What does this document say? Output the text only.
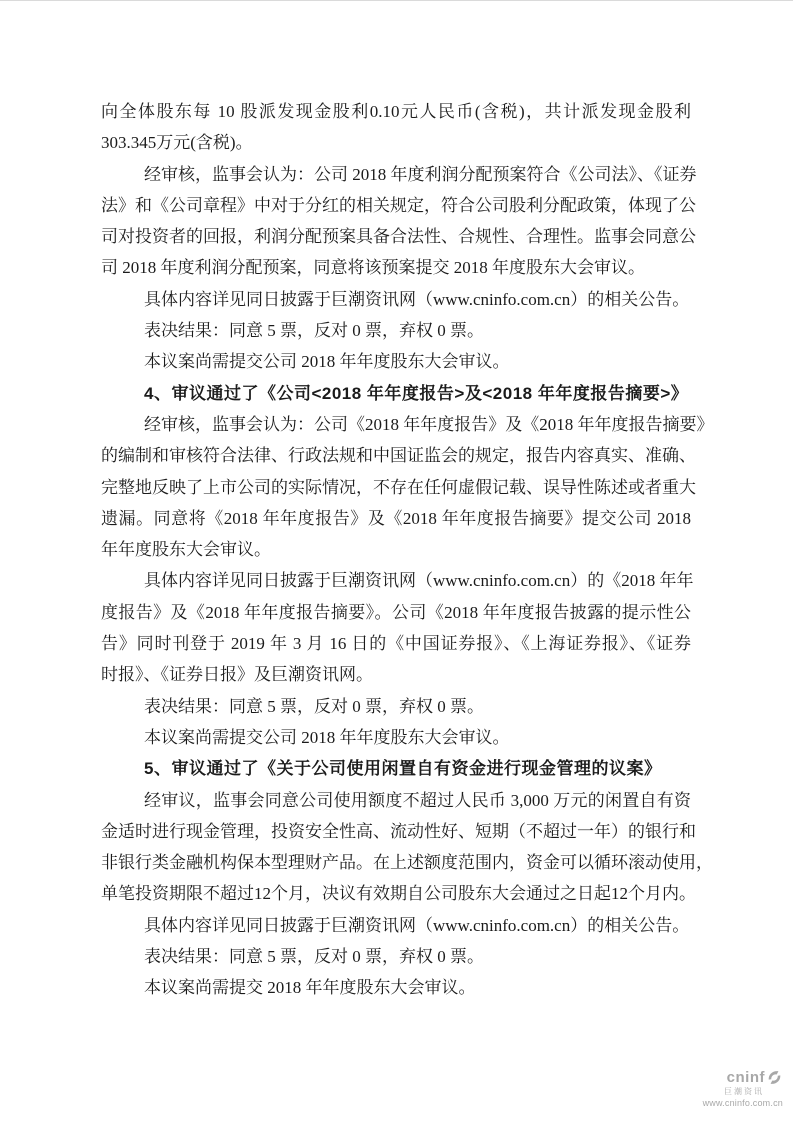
向全体股东每 10 股派发现金股利0.10元人民币(含税)，共计派发现金股利
303.345万元(含税)。
经审核，监事会认为：公司 2018 年度利润分配预案符合《公司法》、《证券
法》和《公司章程》中对于分红的相关规定，符合公司股利分配政策，体现了公
司对投资者的回报，利润分配预案具备合法性、合规性、合理性。监事会同意公
司 2018 年度利润分配预案，同意将该预案提交 2018 年度股东大会审议。
具体内容详见同日披露于巨潮资讯网（www.cninfo.com.cn）的相关公告。
表决结果：同意 5 票，反对 0 票，弃权 0 票。
本议案尚需提交公司 2018 年年度股东大会审议。
4、审议通过了《公司<2018 年年度报告>及<2018 年年度报告摘要>》
经审核，监事会认为：公司《2018 年年度报告》及《2018 年年度报告摘要》
的编制和审核符合法律、行政法规和中国证监会的规定，报告内容真实、准确、
完整地反映了上市公司的实际情况，不存在任何虚假记载、误导性陈述或者重大
遗漏。同意将《2018 年年度报告》及《2018 年年度报告摘要》提交公司 2018
年年度股东大会审议。
具体内容详见同日披露于巨潮资讯网（www.cninfo.com.cn）的《2018 年年
度报告》及《2018 年年度报告摘要》。公司《2018 年年度报告披露的提示性公
告》同时刊登于 2019 年 3 月 16 日的《中国证券报》、《上海证券报》、《证券
时报》、《证券日报》及巨潮资讯网。
表决结果：同意 5 票，反对 0 票，弃权 0 票。
本议案尚需提交公司 2018 年年度股东大会审议。
5、审议通过了《关于公司使用闲置自有资金进行现金管理的议案》
经审议，监事会同意公司使用额度不超过人民币 3,000 万元的闲置自有资
金适时进行现金管理，投资安全性高、流动性好、短期（不超过一年）的银行和
非银行类金融机构保本型理财产品。在上述额度范围内，资金可以循环滚动使用，
单笔投资期限不超过12个月，决议有效期自公司股东大会通过之日起12个月内。
具体内容详见同日披露于巨潮资讯网（www.cninfo.com.cn）的相关公告。
表决结果：同意 5 票，反对 0 票，弃权 0 票。
本议案尚需提交 2018 年年度股东大会审议。
cninf
巨潮资讯
www.cninfo.com.cn
